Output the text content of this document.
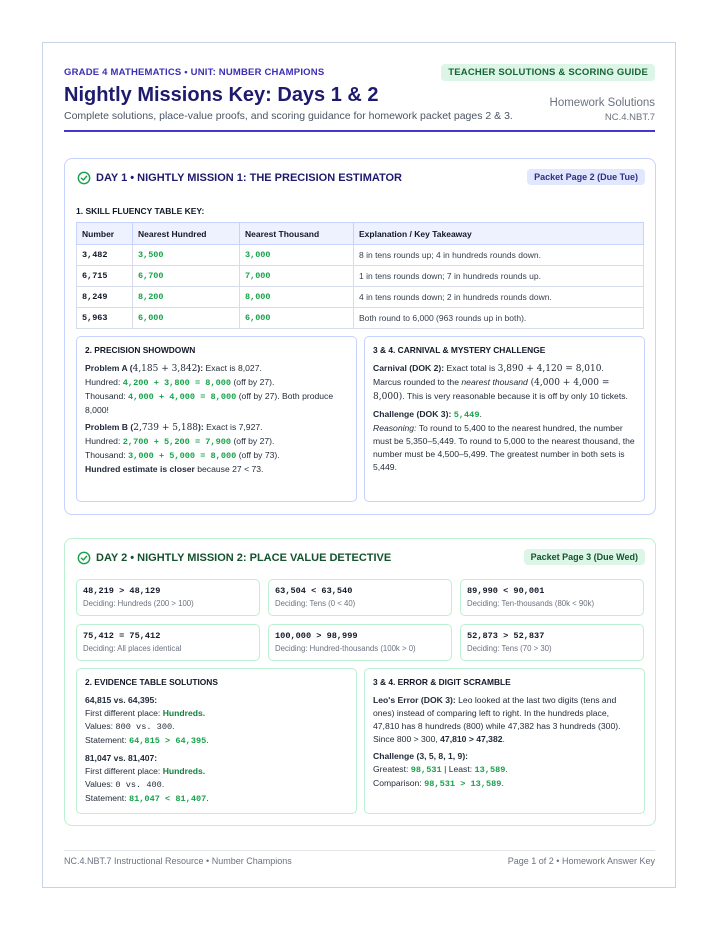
GRADE 4 MATHEMATICS • UNIT: NUMBER CHAMPIONS	TEACHER SOLUTIONS & SCORING GUIDE
Nightly Missions Key: Days 1 & 2
Complete solutions, place-value proofs, and scoring guidance for homework packet pages 2 & 3.
Homework Solutions
NC.4.NBT.7
DAY 1 • NIGHTLY MISSION 1: THE PRECISION ESTIMATOR	Packet Page 2 (Due Tue)
1. SKILL FLUENCY TABLE KEY:
Number	Nearest Hundred	Nearest Thousand	Explanation / Key Takeaway
3,482	3,500	3,000	8 in tens rounds up; 4 in hundreds rounds down.
6,715	6,700	7,000	1 in tens rounds down; 7 in hundreds rounds up.
8,249	8,200	8,000	4 in tens rounds down; 2 in hundreds rounds down.
5,963	6,000	6,000	Both round to 6,000 (963 rounds up in both).
2. PRECISION SHOWDOWN
Problem A (4,185 + 3,842): Exact is 8,027.
Hundred: 4,200 + 3,800 = 8,000 (off by 27).
Thousand: 4,000 + 4,000 = 8,000 (off by 27). Both produce 8,000!
Problem B (2,739 + 5,188): Exact is 7,927.
Hundred: 2,700 + 5,200 = 7,900 (off by 27).
Thousand: 3,000 + 5,000 = 8,000 (off by 73).
Hundred estimate is closer because 27 < 73.
3 & 4. CARNIVAL & MYSTERY CHALLENGE
Carnival (DOK 2): Exact total is 3,890 + 4,120 = 8,010.
Marcus rounded to the nearest thousand (4,000 + 4,000 = 8,000). This is very reasonable because it is off by only 10 tickets.
Challenge (DOK 3): 5,449.
Reasoning: To round to 5,400 to the nearest hundred, the number must be 5,350–5,449. To round to 5,000 to the nearest thousand, the number must be 4,500–5,499. The greatest number in both sets is 5,449.
DAY 2 • NIGHTLY MISSION 2: PLACE VALUE DETECTIVE	Packet Page 3 (Due Wed)
48,219 > 48,129
Deciding: Hundreds (200 > 100)
63,504 < 63,540
Deciding: Tens (0 < 40)
89,990 < 90,001
Deciding: Ten-thousands (80k < 90k)
75,412 = 75,412
Deciding: All places identical
100,000 > 98,999
Deciding: Hundred-thousands (100k > 0)
52,873 > 52,837
Deciding: Tens (70 > 30)
2. EVIDENCE TABLE SOLUTIONS
64,815 vs. 64,395:
First different place: Hundreds.
Values: 800 vs. 300.
Statement: 64,815 > 64,395.
81,047 vs. 81,407:
First different place: Hundreds.
Values: 0 vs. 400.
Statement: 81,047 < 81,407.
3 & 4. ERROR & DIGIT SCRAMBLE
Leo's Error (DOK 3): Leo looked at the last two digits (tens and ones) instead of comparing left to right. In the hundreds place, 47,810 has 8 hundreds (800) while 47,382 has 3 hundreds (300). Since 800 > 300, 47,810 > 47,382.
Challenge (3, 5, 8, 1, 9):
Greatest: 98,531 | Least: 13,589.
Comparison: 98,531 > 13,589.
NC.4.NBT.7 Instructional Resource • Number Champions	Page 1 of 2 • Homework Answer Key
